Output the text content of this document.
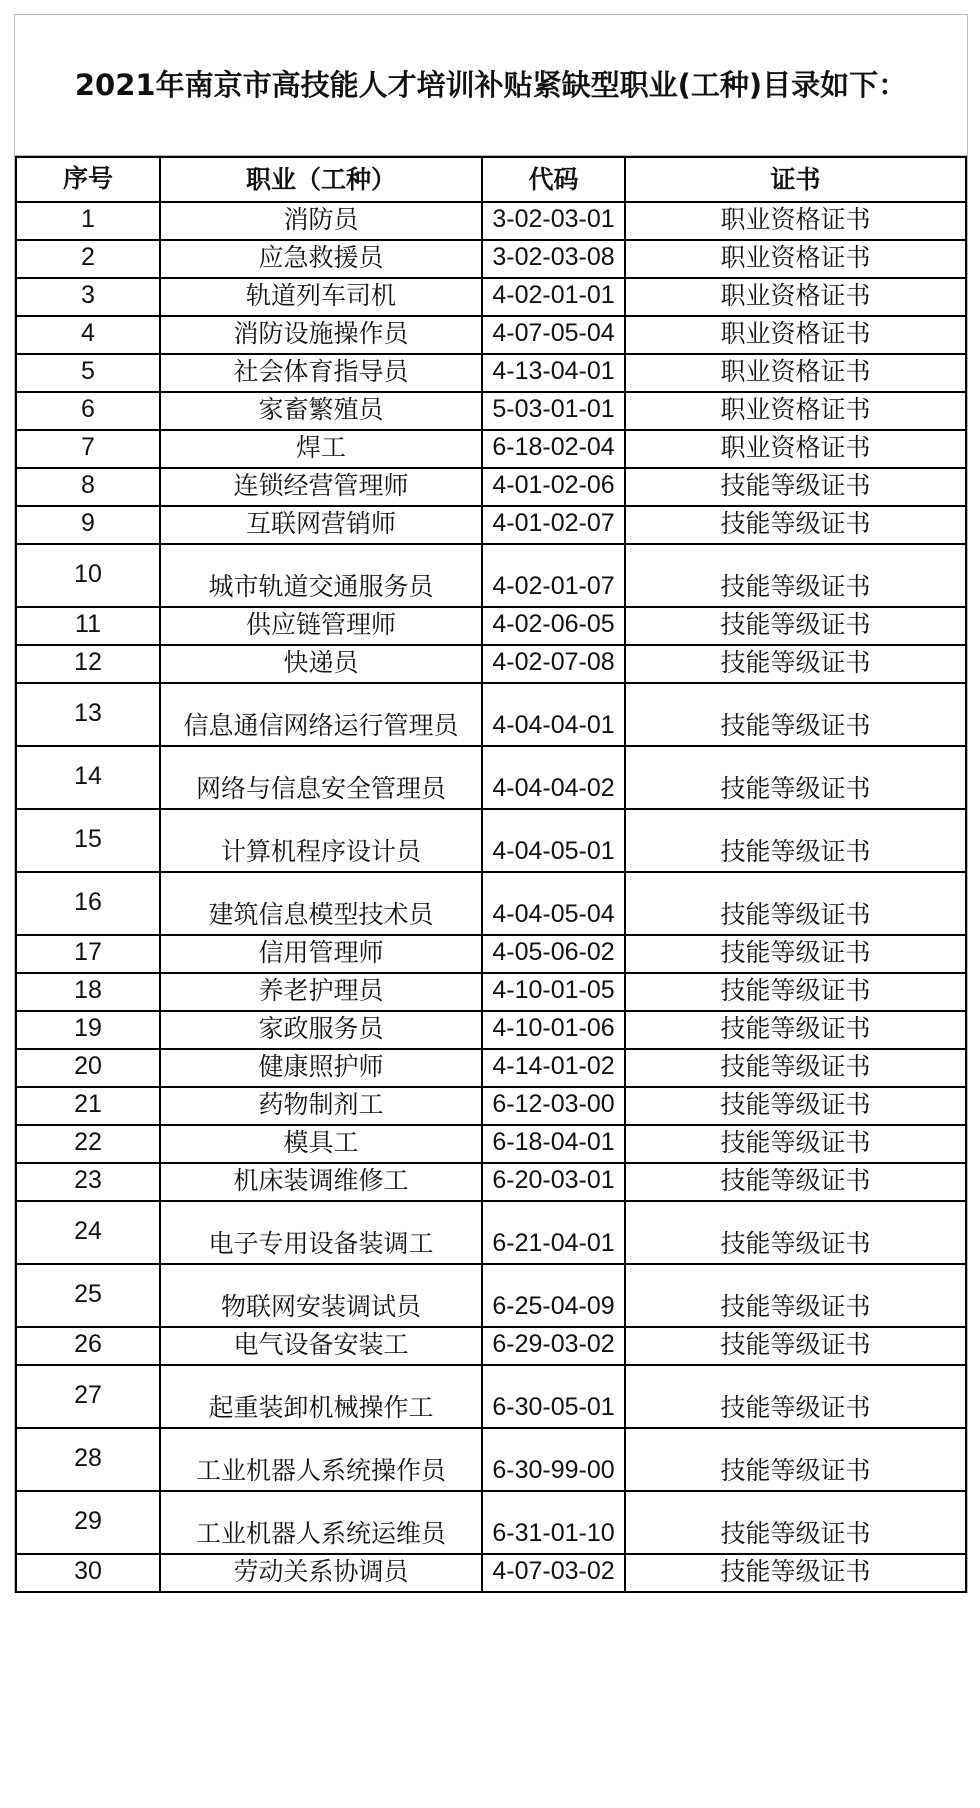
2021年南京市高技能人才培训补贴紧缺型职业(工种)目录如下：
序号	职业（工种）	代码	证书
1	消防员	3-02-03-01	职业资格证书
2	应急救援员	3-02-03-08	职业资格证书
3	轨道列车司机	4-02-01-01	职业资格证书
4	消防设施操作员	4-07-05-04	职业资格证书
5	社会体育指导员	4-13-04-01	职业资格证书
6	家畜繁殖员	5-03-01-01	职业资格证书
7	焊工	6-18-02-04	职业资格证书
8	连锁经营管理师	4-01-02-06	技能等级证书
9	互联网营销师	4-01-02-07	技能等级证书
10	城市轨道交通服务员	4-02-01-07	技能等级证书
11	供应链管理师	4-02-06-05	技能等级证书
12	快递员	4-02-07-08	技能等级证书
13	信息通信网络运行管理员	4-04-04-01	技能等级证书
14	网络与信息安全管理员	4-04-04-02	技能等级证书
15	计算机程序设计员	4-04-05-01	技能等级证书
16	建筑信息模型技术员	4-04-05-04	技能等级证书
17	信用管理师	4-05-06-02	技能等级证书
18	养老护理员	4-10-01-05	技能等级证书
19	家政服务员	4-10-01-06	技能等级证书
20	健康照护师	4-14-01-02	技能等级证书
21	药物制剂工	6-12-03-00	技能等级证书
22	模具工	6-18-04-01	技能等级证书
23	机床装调维修工	6-20-03-01	技能等级证书
24	电子专用设备装调工	6-21-04-01	技能等级证书
25	物联网安装调试员	6-25-04-09	技能等级证书
26	电气设备安装工	6-29-03-02	技能等级证书
27	起重装卸机械操作工	6-30-05-01	技能等级证书
28	工业机器人系统操作员	6-30-99-00	技能等级证书
29	工业机器人系统运维员	6-31-01-10	技能等级证书
30	劳动关系协调员	4-07-03-02	技能等级证书
